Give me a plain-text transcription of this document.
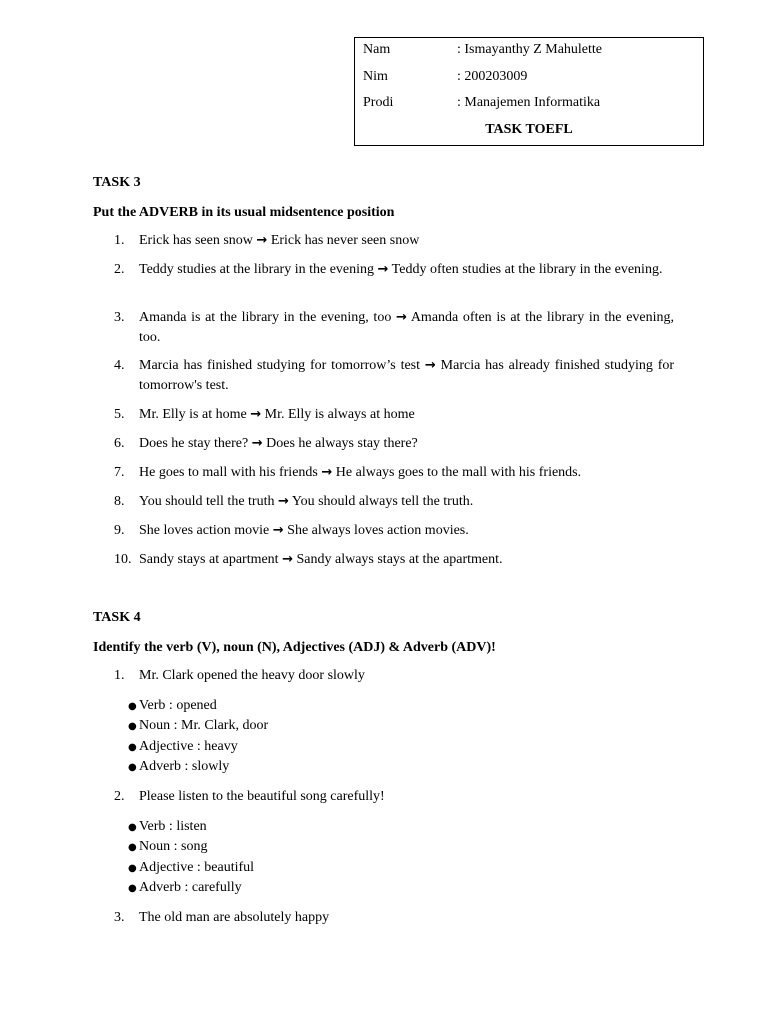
Nam	: Ismayanthy Z Mahulette
Nim	: 200203009
Prodi	: Manajemen Informatika
TASK TOEFL
TASK 3
Put the ADVERB in its usual midsentence position
1.	Erick has seen snow → Erick has never seen snow
2.	Teddy studies at the library in the evening → Teddy often studies at the library in the evening.
3.	Amanda is at the library in the evening, too → Amanda often is at the library in the evening, too.
4.	Marcia has finished studying for tomorrow’s test → Marcia has already finished studying for tomorrow's test.
5.	Mr. Elly is at home → Mr. Elly is always at home
6.	Does he stay there? → Does he always stay there?
7.	He goes to mall with his friends → He always goes to the mall with his friends.
8.	You should tell the truth → You should always tell the truth.
9.	She loves action movie → She always loves action movies.
10. Sandy stays at apartment → Sandy always stays at the apartment.
TASK 4
Identify the verb (V), noun (N), Adjectives (ADJ) & Adverb (ADV)!
1.	Mr. Clark opened the heavy door slowly
● Verb : opened
● Noun : Mr. Clark, door
● Adjective : heavy
● Adverb : slowly
2.	Please listen to the beautiful song carefully!
● Verb : listen
● Noun : song
● Adjective : beautiful
● Adverb : carefully
3.	The old man are absolutely happy
